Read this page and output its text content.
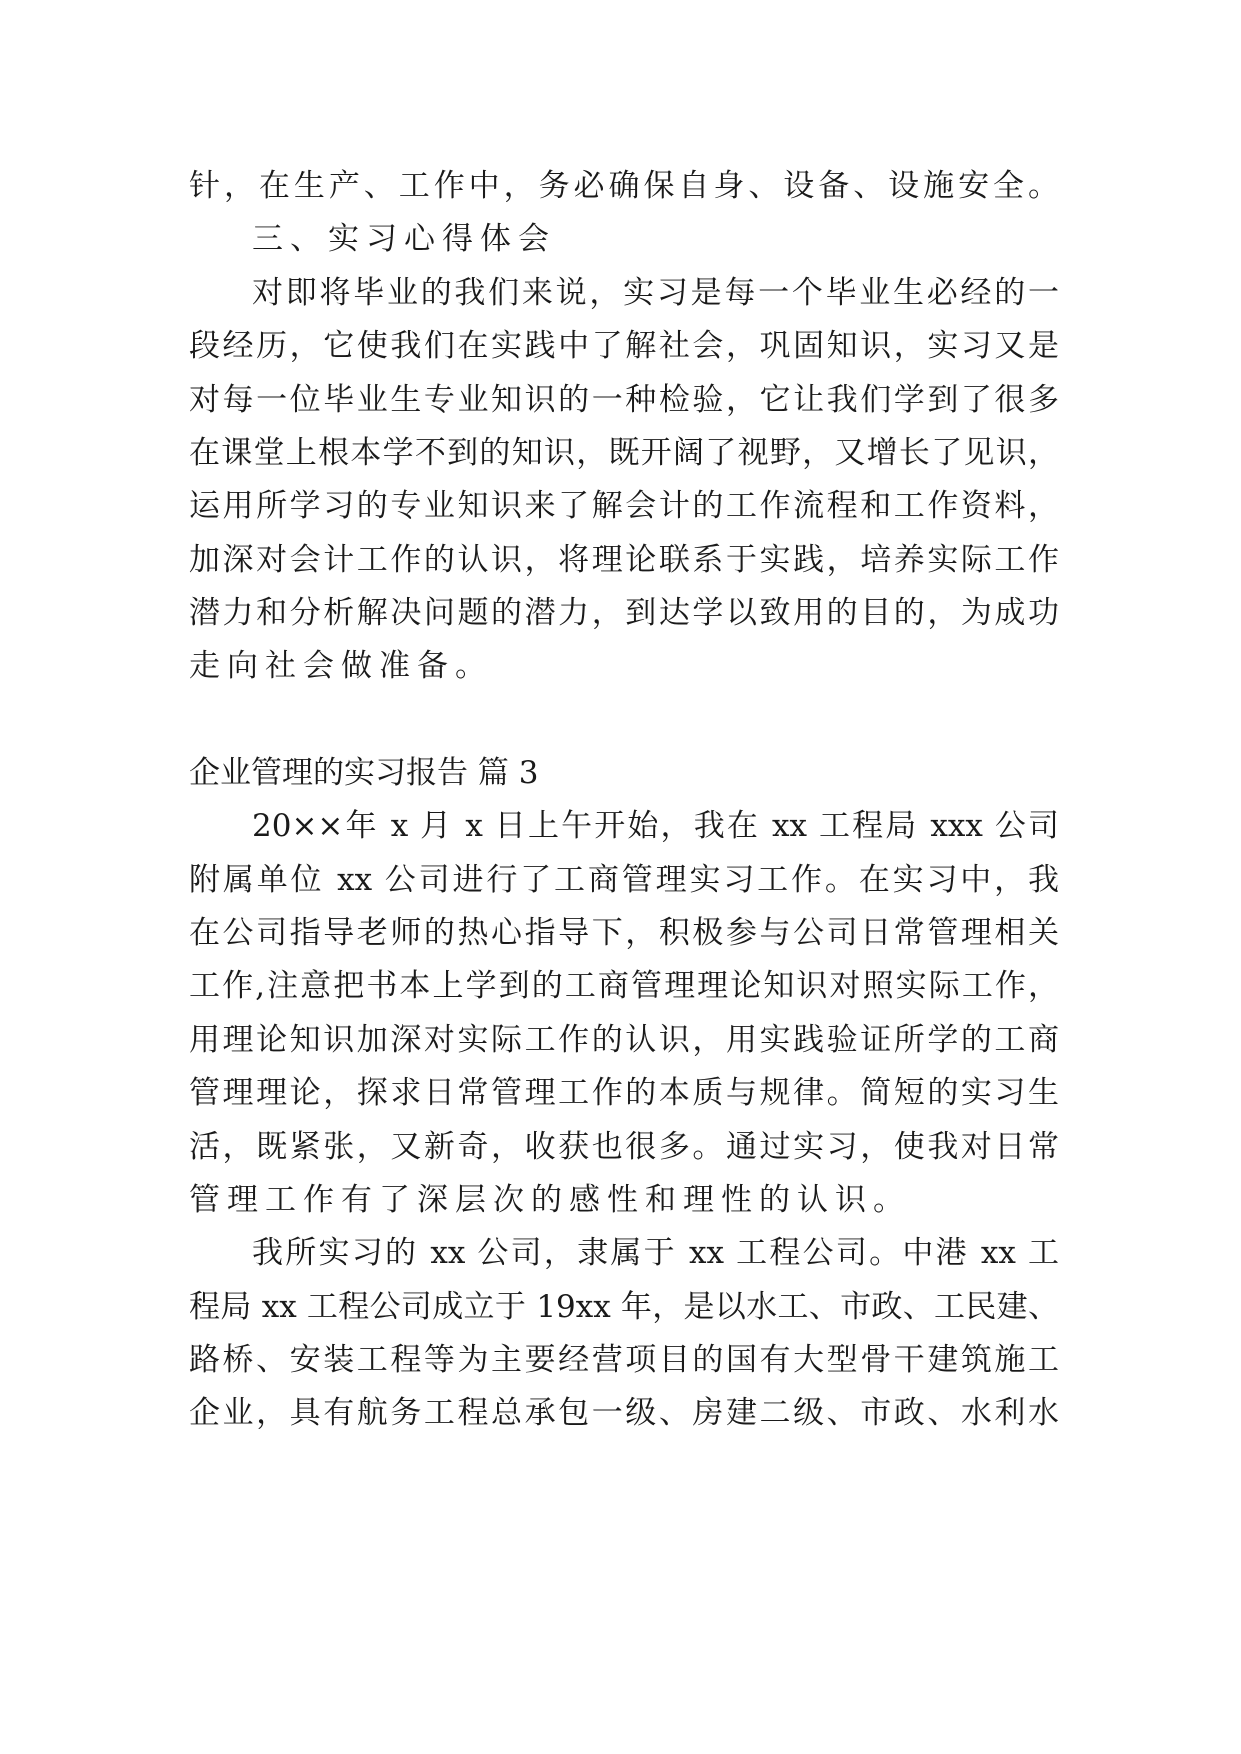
针，在生产、工作中，务必确保自身、设备、设施安全。
三、实习心得体会
对即将毕业的我们来说，实习是每一个毕业生必经的一
段经历，它使我们在实践中了解社会，巩固知识，实习又是
对每一位毕业生专业知识的一种检验，它让我们学到了很多
在课堂上根本学不到的知识，既开阔了视野，又增长了见识，
运用所学习的专业知识来了解会计的工作流程和工作资料，
加深对会计工作的认识，将理论联系于实践，培养实际工作
潜力和分析解决问题的潜力，到达学以致用的目的，为成功
走向社会做准备。
企业管理的实习报告 篇 3
20××年 x 月 x 日上午开始，我在 xx 工程局 xxx 公司
附属单位 xx 公司进行了工商管理实习工作。在实习中，我
在公司指导老师的热心指导下，积极参与公司日常管理相关
工作,注意把书本上学到的工商管理理论知识对照实际工作，
用理论知识加深对实际工作的认识，用实践验证所学的工商
管理理论，探求日常管理工作的本质与规律。简短的实习生
活，既紧张，又新奇，收获也很多。通过实习，使我对日常
管理工作有了深层次的感性和理性的认识。
我所实习的 xx 公司，隶属于 xx 工程公司。中港 xx 工
程局 xx 工程公司成立于 19xx 年，是以水工、市政、工民建、
路桥、安装工程等为主要经营项目的国有大型骨干建筑施工
企业，具有航务工程总承包一级、房建二级、市政、水利水
